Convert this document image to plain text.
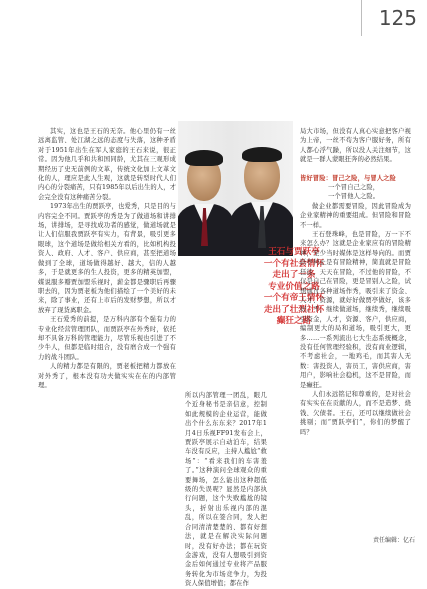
125

其实，这也是王石的无奈。他心里仍有一丝远离监管、处江湖之远的态度与失落，这种矛盾对于1951年出生在军人家庭的王石来说，很正常。因为他几乎和共和国同龄，尤其在三观形成期经历了史无前例的文革，传统文化加上文革文化的人，理应是此人生观，这就是转型时代人们内心的分裂痛苦，只有1985年以后出生的人，才会完全没有这种痛苦分裂。

1973年出生的贾跃亭，也爱秀，只是目的与内容完全不同。贾跃亭的秀是为了做道场和讲排场，讲排场，是寻找成功者的感觉，做道场就是让人们信服我贾跃亭有实力，有背景，吸引更多眼球，这个道场是做给相关方看的，比如机构投资人、政府、人才、客户、供应商，甚至把道场做到了全球，道场做得越好、越大，信的人越多，于是就更多的生人投资，更多的精英加盟，媒说服多瓣贾加盟乐视时，薪金都是骤职后再骤职去的，因为贾老板为他们描绘了一个美好的未来，除了事业，还有上市后的发财梦想，所以才放弃了现货离职金。

王石爱秀的前提，是万科内部有个强有力的专业化经营管理团队，而贾跃亭在外秀时，依托却不具备万科的管理能力，尽管乐视也引进了不少牛人，但都是临时组合，没有磨合成一个强有力的战斗团队。

人的精力都是有限的，贾老板把精力都放在对外秀了，根本没有功夫做实实在在的内部管理。

王石与贾跃亭
一个有社会情怀
走出了一条
专业价值之路
一个有帝王情怀
走出了壮烈社怀
癫狂之路

所以内部管理一团乱，眼几个近身秘书是亲信意，控制如此规模的企业运营，能做出个什么东东来？2017年1月4日乐视FF91发布会上，贾跃亭展示自动泊车，结果车没有反应，主持人尴尬“救场”：“看来我们的车害羞了。”这种演问全球观众的重要舞场，怎么能出这种超低级的失误呢？显然是内部执行问题，这个失败尴尬的镜头，折射出乐视内部的混乱，所以在签合同，发人把合同清清楚楚的、都有好想法，就是在解决实际问题时，没有好办法；都在玩资金游戏，没有人想吸引到资金后如何通过专业将产品服务转化为市场竞争力，为投资人保值增值；都在作

局大市场，但没有人真心实意把客户视为上帝，一丝不苟为客户服好务，所有人都心浮气躁，所以没人关注细节，这就是一群人蒙眼狂奔的必然结果。

皆好冒险：冒己之险，与冒人之险

一个冒自己之险，

一个冒他人之险。

做企业都需要冒险，因此冒险成为企业家精神的重要组成。但冒险和冒险不一样。

王石登珠峰，也是冒险，万一下不来怎么办？这就是企业家应有的冒险精神，至少当时媒体是这样导向的。而贾跃亭何止是有冒险精神，简直就是冒险狂徒，天天在冒险，不过他的冒险，不仅是自己在冒险，更是冒别人之险，试想通过各种道场作秀，吸引来了资金、人才、资源，就好好做贾亭做好，该多好。不，继续做道场，继续秀，继续吸引资金，人才，资源、客户，供应商，编制更大的局和道场，吸引更大，更多……一系列流出七大生态系统概念，没有任何管理经验积，没有商业逻辑，不考虑社会，一地鸡毛，而其害人无数：害投资人，害员工，害供应商，害用户，影响社会稳机，这不是冒险，而是癫狂。

人们永远铭记和尊重的，是对社会有实实在在贡献的人，而不是造梦、烧钱、欠债者。王石，还可以继续做社会挑剔；而“贾跃亭们”，你们的梦醒了吗？

责任编辑：亿石
